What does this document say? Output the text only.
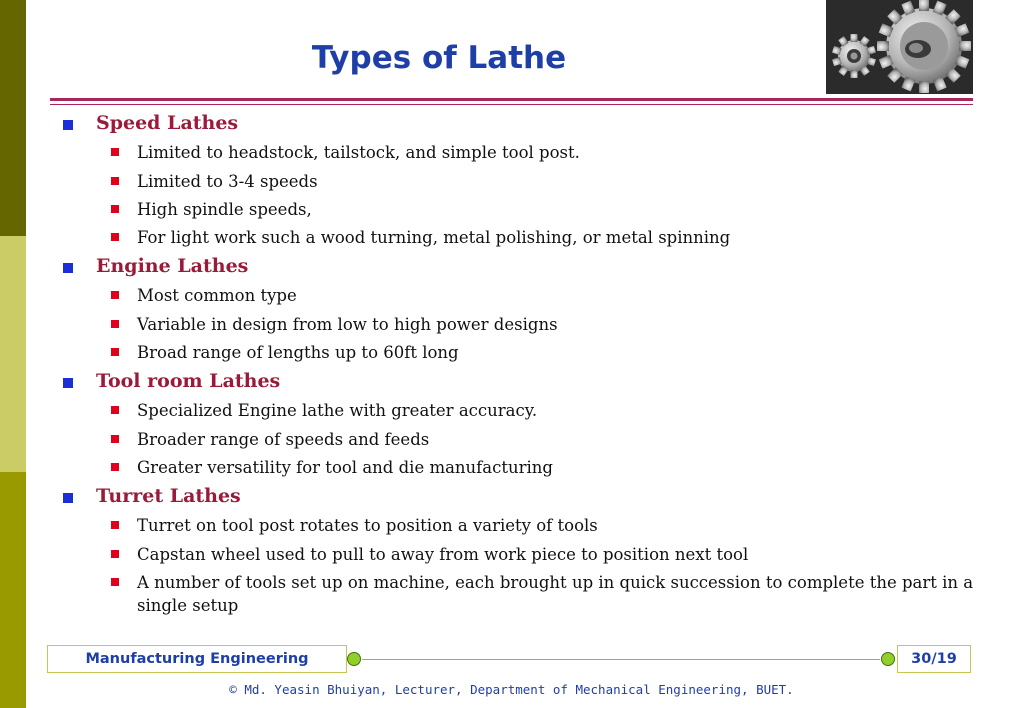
Types of Lathe
Speed Lathes
Limited to headstock, tailstock, and simple tool post.
Limited to 3-4 speeds
High spindle speeds,
For light work such a wood turning, metal polishing, or metal spinning
Engine Lathes
Most common type
Variable in design from low to high power designs
Broad range of lengths up to 60ft long
Tool room Lathes
Specialized Engine lathe with greater accuracy.
Broader range of speeds and feeds
Greater versatility for tool and die manufacturing
Turret Lathes
Turret on tool post rotates to position a variety of tools
Capstan wheel used to pull to away from work piece to position next tool
A number of tools set up on machine, each brought up in quick succession to complete the part in a single setup
Manufacturing Engineering	30/19
© Md. Yeasin Bhuiyan, Lecturer, Department of Mechanical Engineering, BUET.
